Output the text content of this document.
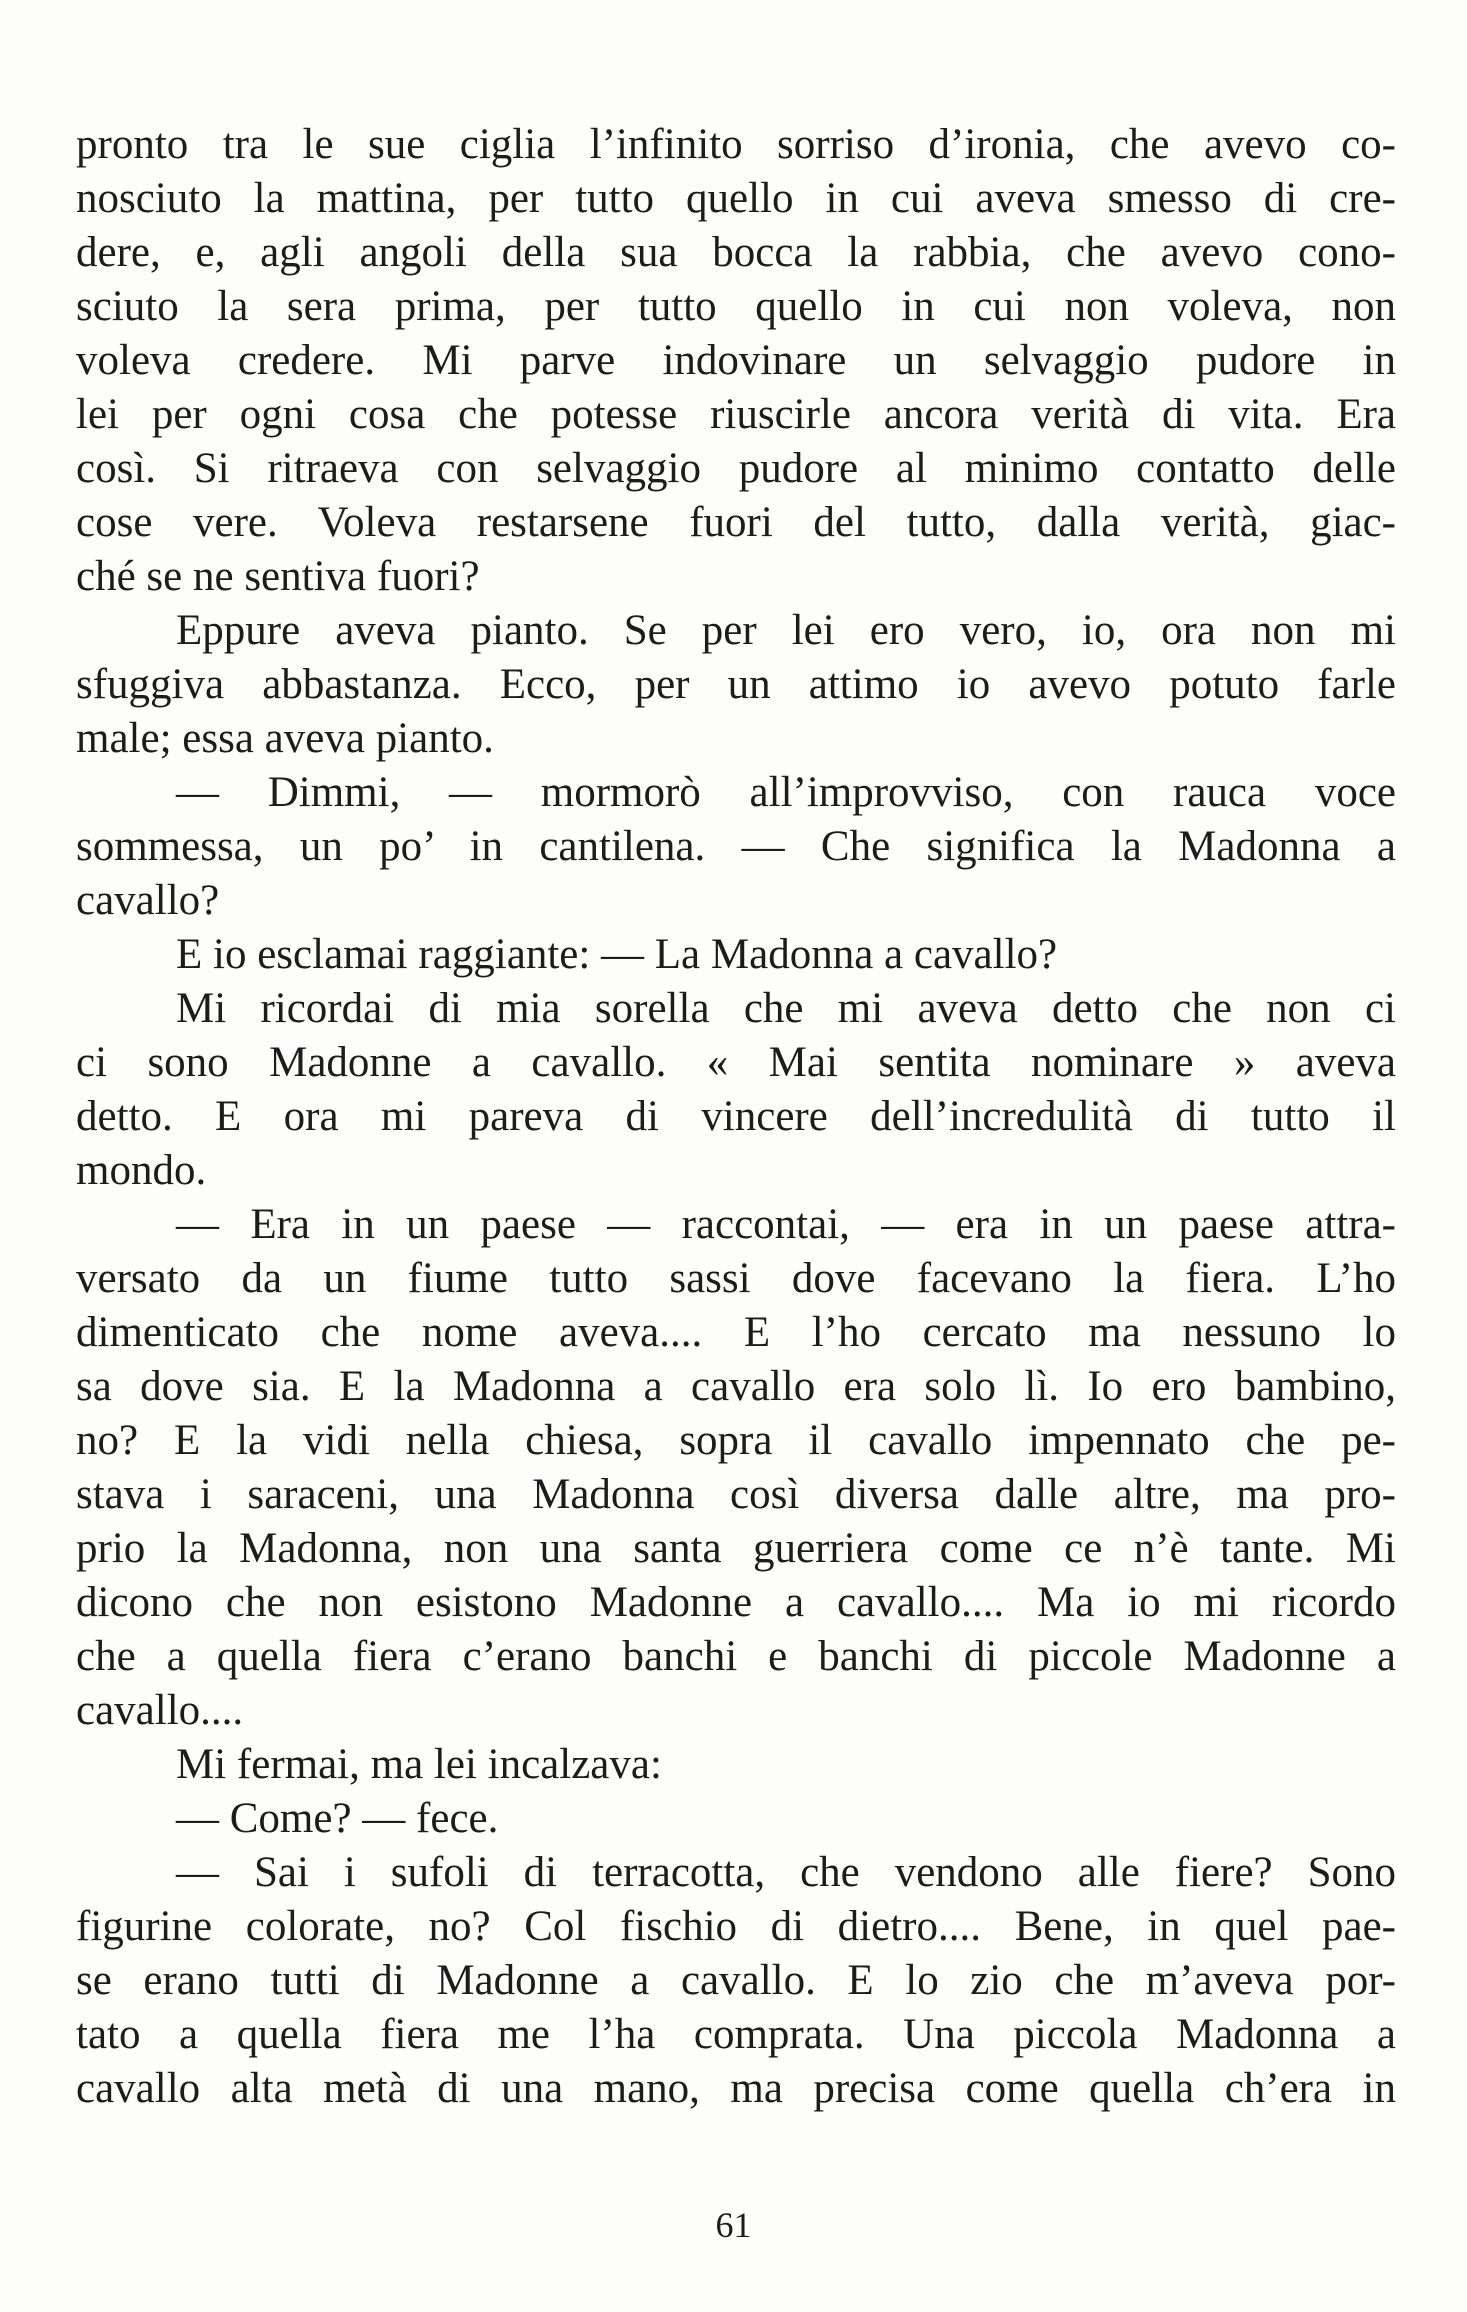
pronto tra le sue ciglia l’infinito sorriso d’ironia, che avevo co-
nosciuto la mattina, per tutto quello in cui aveva smesso di cre-
dere, e, agli angoli della sua bocca la rabbia, che avevo cono-
sciuto la sera prima, per tutto quello in cui non voleva, non
voleva credere. Mi parve indovinare un selvaggio pudore in
lei per ogni cosa che potesse riuscirle ancora verità di vita. Era
così. Si ritraeva con selvaggio pudore al minimo contatto delle
cose vere. Voleva restarsene fuori del tutto, dalla verità, giac-
ché se ne sentiva fuori?
Eppure aveva pianto. Se per lei ero vero, io, ora non mi
sfuggiva abbastanza. Ecco, per un attimo io avevo potuto farle
male; essa aveva pianto.
— Dimmi, — mormorò all’improvviso, con rauca voce
sommessa, un po’ in cantilena. — Che significa la Madonna a
cavallo?
E io esclamai raggiante: — La Madonna a cavallo?
Mi ricordai di mia sorella che mi aveva detto che non ci
ci sono Madonne a cavallo. « Mai sentita nominare » aveva
detto. E ora mi pareva di vincere dell’incredulità di tutto il
mondo.
— Era in un paese — raccontai, — era in un paese attra-
versato da un fiume tutto sassi dove facevano la fiera. L’ho
dimenticato che nome aveva.... E l’ho cercato ma nessuno lo
sa dove sia. E la Madonna a cavallo era solo lì. Io ero bambino,
no? E la vidi nella chiesa, sopra il cavallo impennato che pe-
stava i saraceni, una Madonna così diversa dalle altre, ma pro-
prio la Madonna, non una santa guerriera come ce n’è tante. Mi
dicono che non esistono Madonne a cavallo.... Ma io mi ricordo
che a quella fiera c’erano banchi e banchi di piccole Madonne a
cavallo....
Mi fermai, ma lei incalzava:
— Come? — fece.
— Sai i sufoli di terracotta, che vendono alle fiere? Sono
figurine colorate, no? Col fischio di dietro.... Bene, in quel pae-
se erano tutti di Madonne a cavallo. E lo zio che m’aveva por-
tato a quella fiera me l’ha comprata. Una piccola Madonna a
cavallo alta metà di una mano, ma precisa come quella ch’era in
61
